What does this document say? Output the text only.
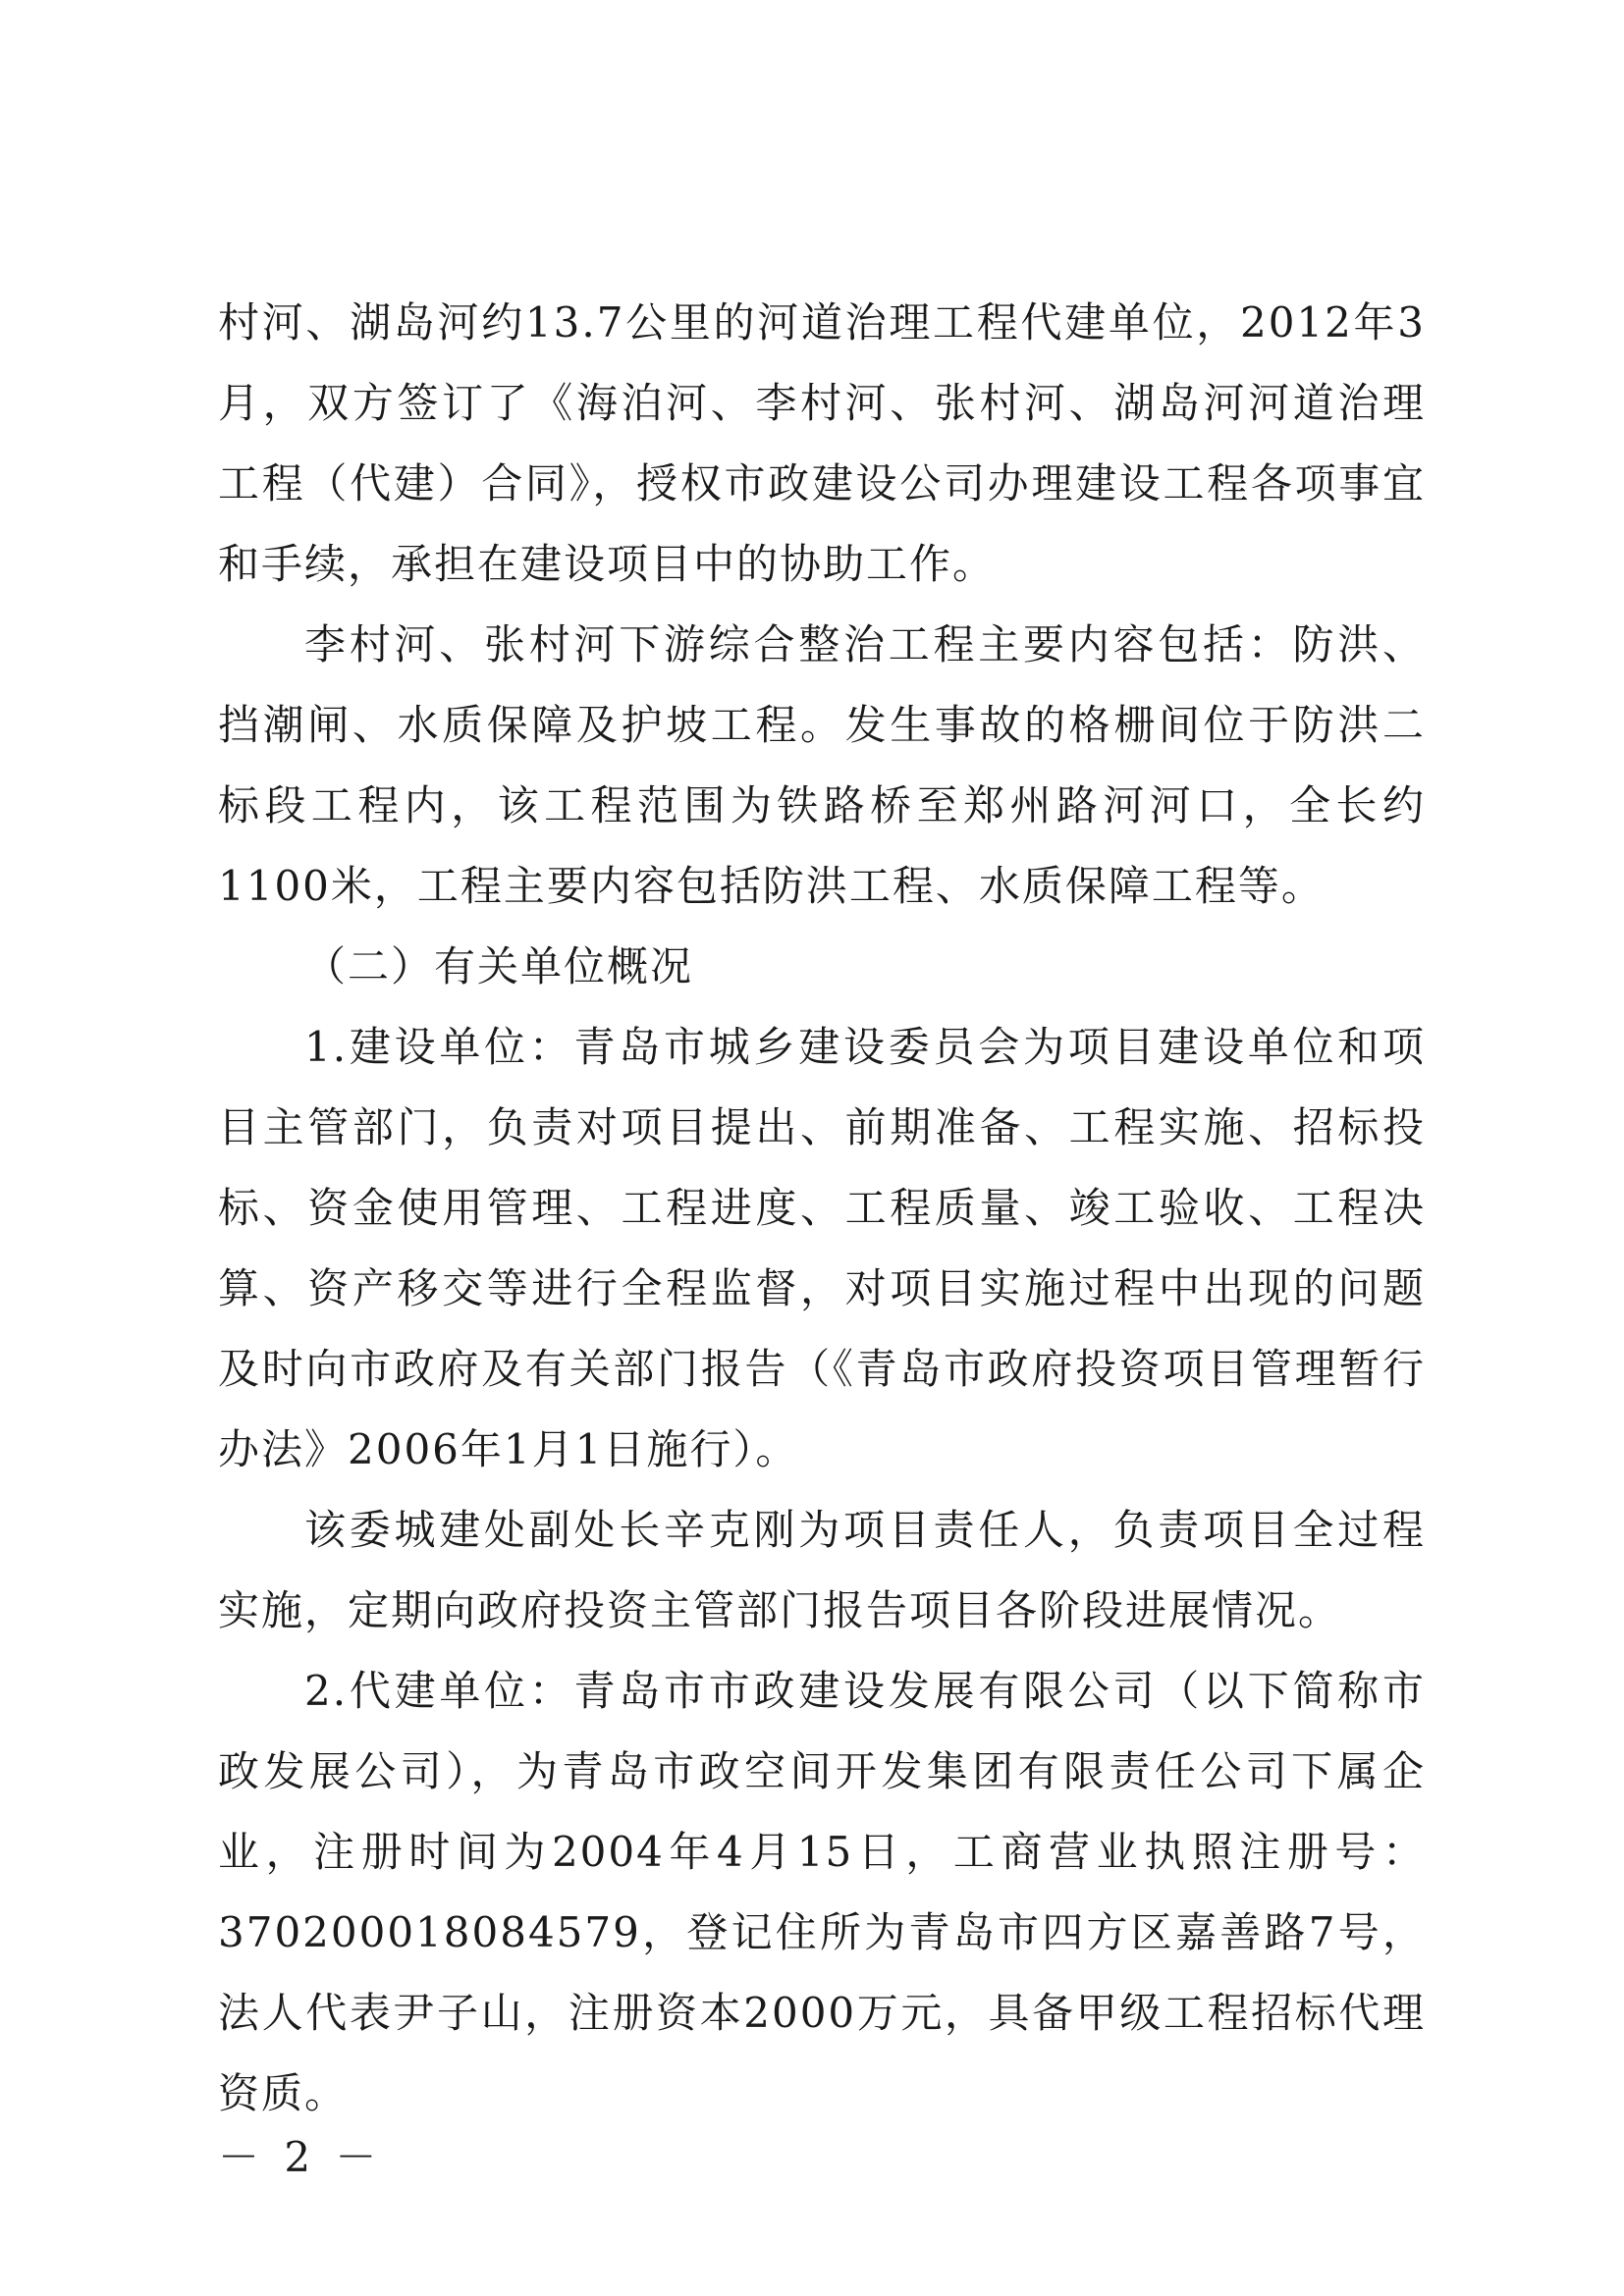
村河、湖岛河约13.7公里的河道治理工程代建单位，2012年3月，双方签订了《海泊河、李村河、张村河、湖岛河河道治理工程（代建）合同》，授权市政建设公司办理建设工程各项事宜和手续，承担在建设项目中的协助工作。

李村河、张村河下游综合整治工程主要内容包括：防洪、挡潮闸、水质保障及护坡工程。发生事故的格栅间位于防洪二标段工程内，该工程范围为铁路桥至郑州路河河口，全长约1100米，工程主要内容包括防洪工程、水质保障工程等。

（二）有关单位概况

1.建设单位：青岛市城乡建设委员会为项目建设单位和项目主管部门，负责对项目提出、前期准备、工程实施、招标投标、资金使用管理、工程进度、工程质量、竣工验收、工程决算、资产移交等进行全程监督，对项目实施过程中出现的问题及时向市政府及有关部门报告（《青岛市政府投资项目管理暂行办法》2006年1月1日施行）。

该委城建处副处长辛克刚为项目责任人，负责项目全过程实施，定期向政府投资主管部门报告项目各阶段进展情况。

2.代建单位：青岛市市政建设发展有限公司（以下简称市政发展公司），为青岛市政空间开发集团有限责任公司下属企业，注册时间为2004年4月15日，工商营业执照注册号：370200018084579，登记住所为青岛市四方区嘉善路7号，法人代表尹子山，注册资本2000万元，具备甲级工程招标代理资质。

－ 2 －
